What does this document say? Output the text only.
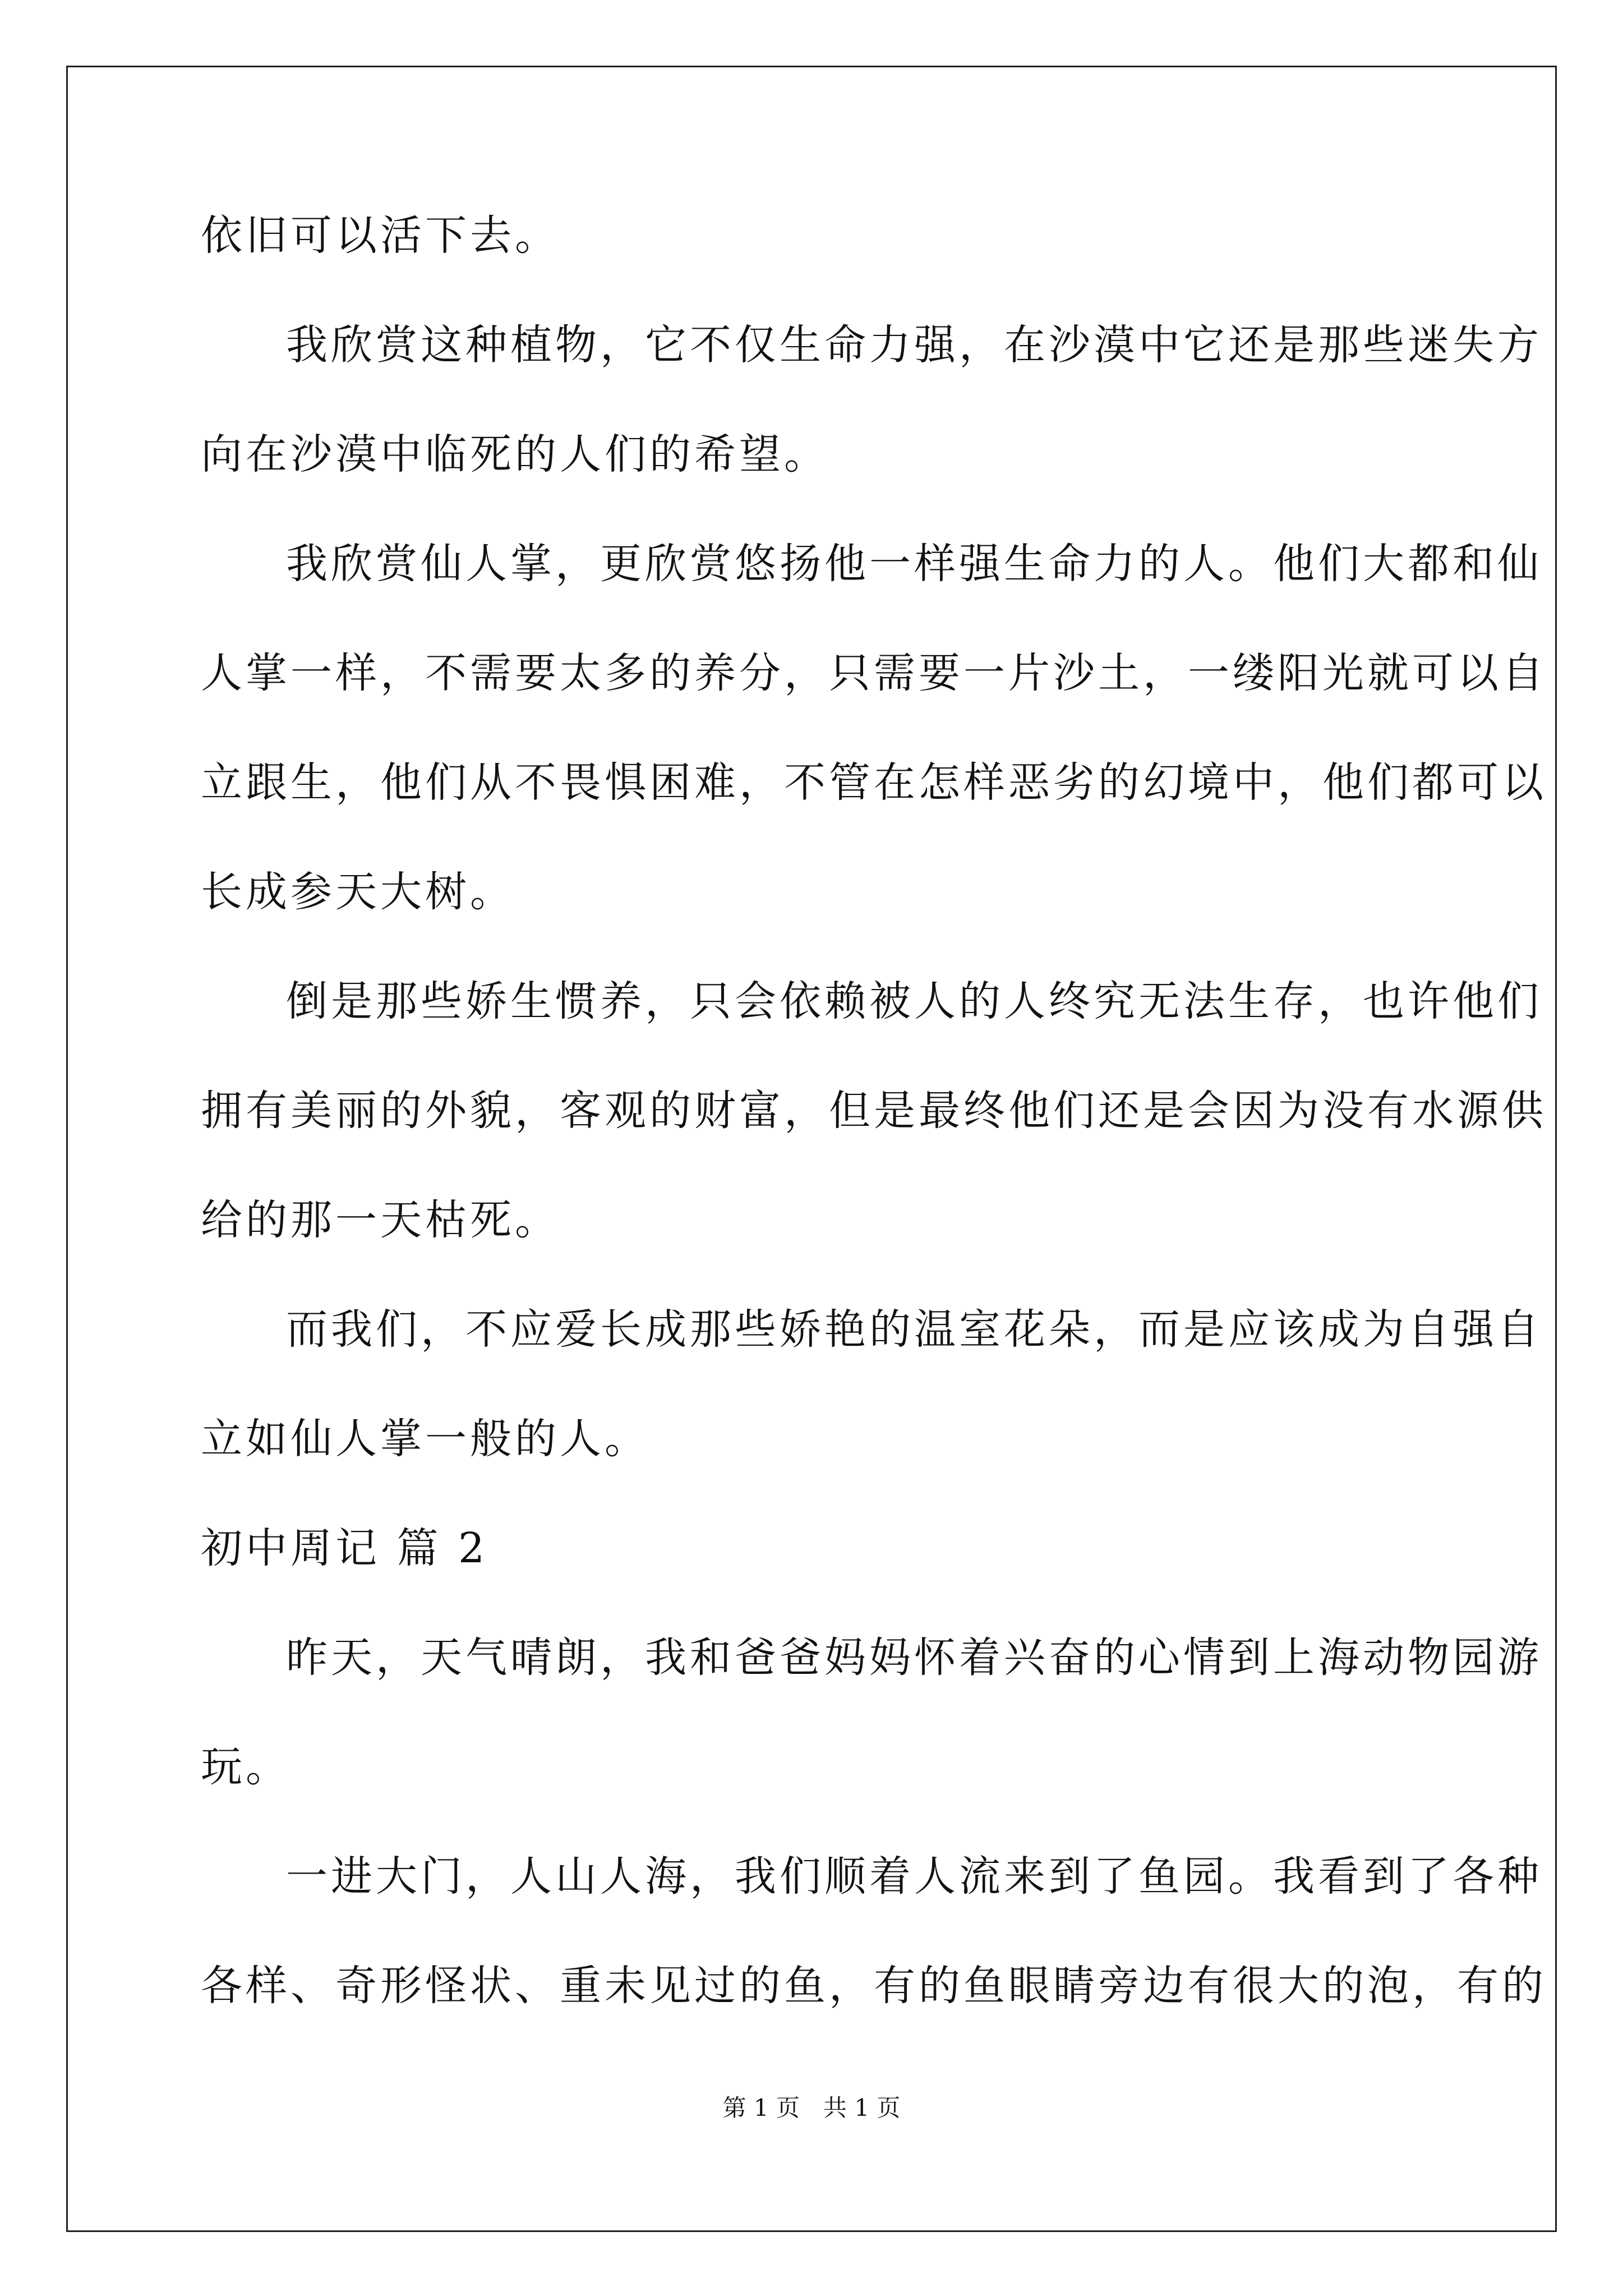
依旧可以活下去。
我欣赏这种植物，它不仅生命力强，在沙漠中它还是那些迷失方
向在沙漠中临死的人们的希望。
我欣赏仙人掌，更欣赏悠扬他一样强生命力的人。他们大都和仙
人掌一样，不需要太多的养分，只需要一片沙土，一缕阳光就可以自
立跟生，他们从不畏惧困难，不管在怎样恶劣的幻境中，他们都可以
长成参天大树。
倒是那些娇生惯养，只会依赖被人的人终究无法生存，也许他们
拥有美丽的外貌，客观的财富，但是最终他们还是会因为没有水源供
给的那一天枯死。
而我们，不应爱长成那些娇艳的温室花朵，而是应该成为自强自
立如仙人掌一般的人。
初中周记 篇 2
昨天，天气晴朗，我和爸爸妈妈怀着兴奋的心情到上海动物园游
玩。
一进大门，人山人海，我们顺着人流来到了鱼园。我看到了各种
各样、奇形怪状、重未见过的鱼，有的鱼眼睛旁边有很大的泡，有的
第 1 页　共 1 页
